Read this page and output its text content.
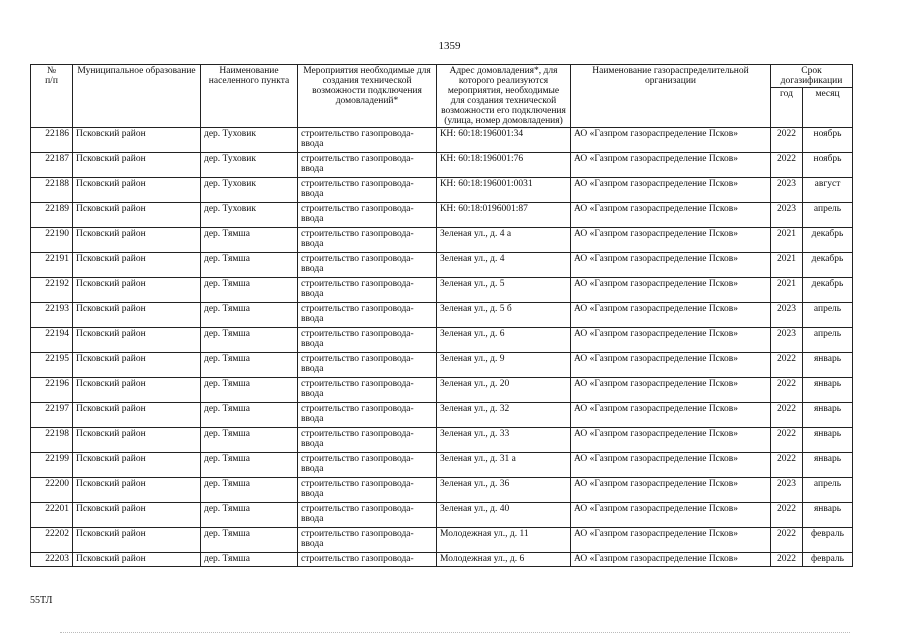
1359
№
п/п	Муниципальное образование	Наименование населенного пункта	Мероприятия необходимые для создания технической возможности подключения домовладений*	Адрес домовладения*, для которого реализуются мероприятия, необходимые для создания технической возможности его подключения (улица, номер домовладения)	Наименование газораспределительной организации	Срок догазификации	
						год	месяц
22186	Псковский район	дер. Туховик	строительство газопровода-ввода	КН: 60:18:196001:34	АО «Газпром газораспределение Псков»	2022	ноябрь
22187	Псковский район	дер. Туховик	строительство газопровода-ввода	КН: 60:18:196001:76	АО «Газпром газораспределение Псков»	2022	ноябрь
22188	Псковский район	дер. Туховик	строительство газопровода-ввода	КН: 60:18:196001:0031	АО «Газпром газораспределение Псков»	2023	август
22189	Псковский район	дер. Туховик	строительство газопровода-ввода	КН: 60:18:0196001:87	АО «Газпром газораспределение Псков»	2023	апрель
22190	Псковский район	дер. Тямша	строительство газопровода-ввода	Зеленая ул., д. 4 а	АО «Газпром газораспределение Псков»	2021	декабрь
22191	Псковский район	дер. Тямша	строительство газопровода-ввода	Зеленая ул., д. 4	АО «Газпром газораспределение Псков»	2021	декабрь
22192	Псковский район	дер. Тямша	строительство газопровода-ввода	Зеленая ул., д. 5	АО «Газпром газораспределение Псков»	2021	декабрь
22193	Псковский район	дер. Тямша	строительство газопровода-ввода	Зеленая ул., д. 5 б	АО «Газпром газораспределение Псков»	2023	апрель
22194	Псковский район	дер. Тямша	строительство газопровода-ввода	Зеленая ул., д. 6	АО «Газпром газораспределение Псков»	2023	апрель
22195	Псковский район	дер. Тямша	строительство газопровода-ввода	Зеленая ул., д. 9	АО «Газпром газораспределение Псков»	2022	январь
22196	Псковский район	дер. Тямша	строительство газопровода-ввода	Зеленая ул., д. 20	АО «Газпром газораспределение Псков»	2022	январь
22197	Псковский район	дер. Тямша	строительство газопровода-ввода	Зеленая ул., д. 32	АО «Газпром газораспределение Псков»	2022	январь
22198	Псковский район	дер. Тямша	строительство газопровода-ввода	Зеленая ул., д. 33	АО «Газпром газораспределение Псков»	2022	январь
22199	Псковский район	дер. Тямша	строительство газопровода-ввода	Зеленая ул., д. 31 а	АО «Газпром газораспределение Псков»	2022	январь
22200	Псковский район	дер. Тямша	строительство газопровода-ввода	Зеленая ул., д. 36	АО «Газпром газораспределение Псков»	2023	апрель
22201	Псковский район	дер. Тямша	строительство газопровода-ввода	Зеленая ул., д. 40	АО «Газпром газораспределение Псков»	2022	январь
22202	Псковский район	дер. Тямша	строительство газопровода-ввода	Молодежная ул., д. 11	АО «Газпром газораспределение Псков»	2022	февраль
22203	Псковский район	дер. Тямша	строительство газопровода-	Молодежная ул., д. 6	АО «Газпром газораспределение Псков»	2022	февраль
55ТЛ
